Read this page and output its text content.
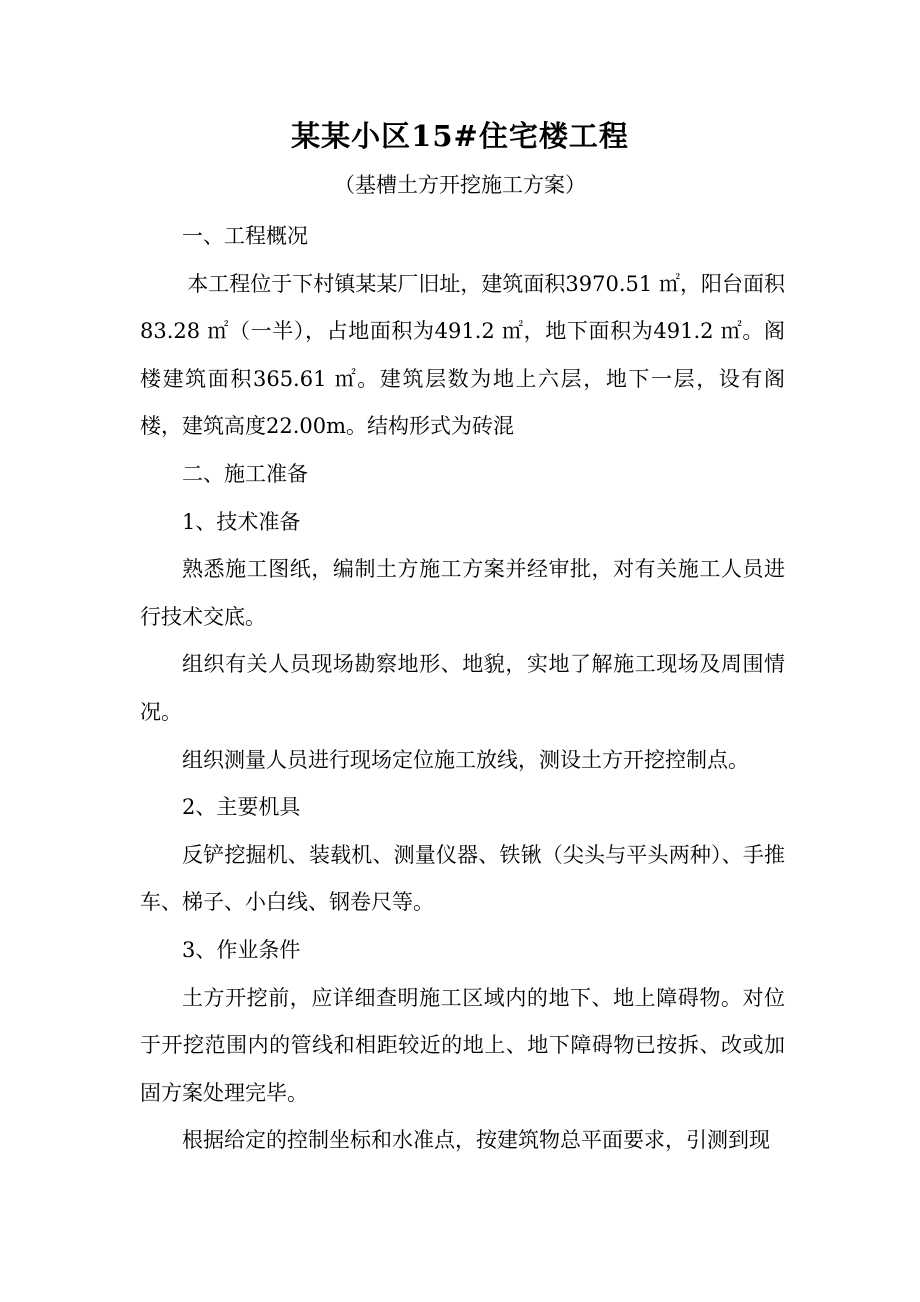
某某小区15#住宅楼工程
（基槽土方开挖施工方案）

一、工程概况

本工程位于下村镇某某厂旧址，建筑面积3970.51 ㎡，阳台面积83.28 ㎡（一半），占地面积为491.2 ㎡，地下面积为491.2 ㎡。阁楼建筑面积365.61 ㎡。建筑层数为地上六层，地下一层，设有阁楼，建筑高度22.00m。结构形式为砖混

二、施工准备

1、技术准备

熟悉施工图纸，编制土方施工方案并经审批，对有关施工人员进行技术交底。

组织有关人员现场勘察地形、地貌，实地了解施工现场及周围情况。

组织测量人员进行现场定位施工放线，测设土方开挖控制点。

2、主要机具

反铲挖掘机、装载机、测量仪器、铁锹（尖头与平头两种）、手推车、梯子、小白线、钢卷尺等。

3、作业条件

土方开挖前，应详细查明施工区域内的地下、地上障碍物。对位于开挖范围内的管线和相距较近的地上、地下障碍物已按拆、改或加固方案处理完毕。

根据给定的控制坐标和水准点，按建筑物总平面要求，引测到现
